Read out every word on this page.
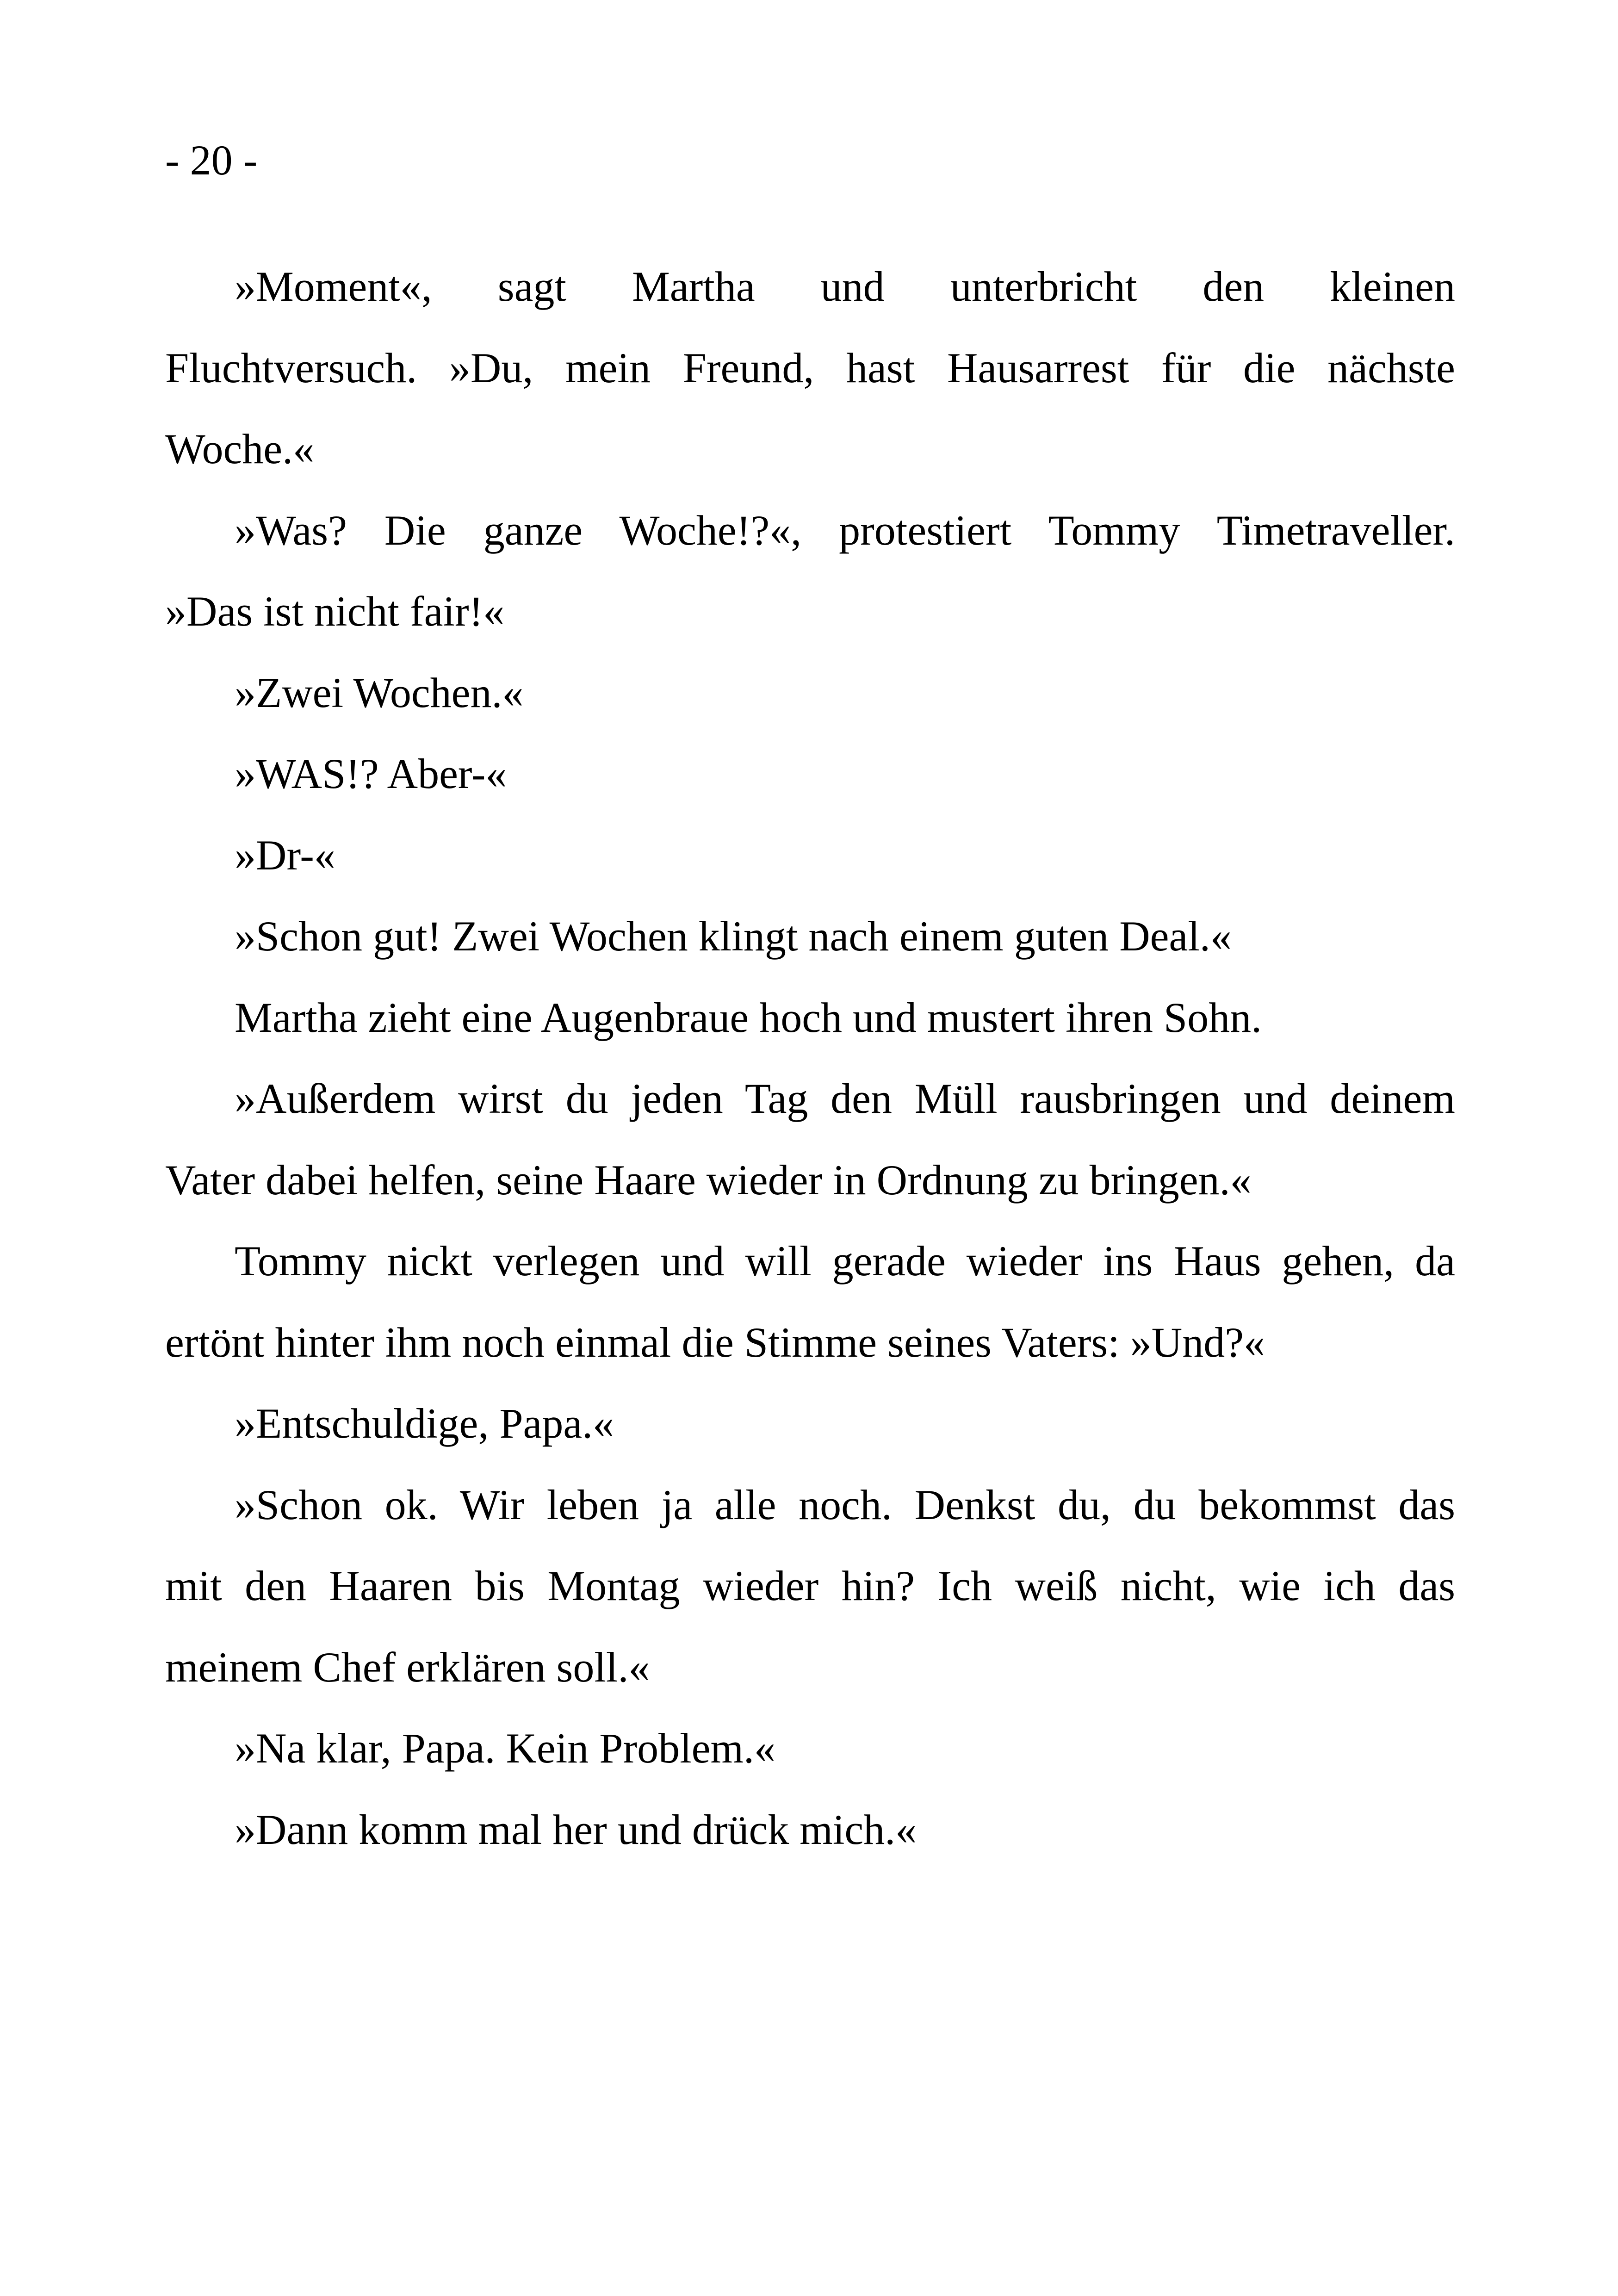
- 20 -
»Moment«, sagt Martha und unterbricht den kleinen
Fluchtversuch. »Du, mein Freund, hast Hausarrest für die nächste
Woche.«
»Was? Die ganze Woche!?«, protestiert Tommy Timetraveller.
»Das ist nicht fair!«
»Zwei Wochen.«
»WAS!? Aber-«
»Dr-«
»Schon gut! Zwei Wochen klingt nach einem guten Deal.«
Martha zieht eine Augenbraue hoch und mustert ihren Sohn.
»Außerdem wirst du jeden Tag den Müll rausbringen und deinem
Vater dabei helfen, seine Haare wieder in Ordnung zu bringen.«
Tommy nickt verlegen und will gerade wieder ins Haus gehen, da
ertönt hinter ihm noch einmal die Stimme seines Vaters: »Und?«
»Entschuldige, Papa.«
»Schon ok. Wir leben ja alle noch. Denkst du, du bekommst das
mit den Haaren bis Montag wieder hin? Ich weiß nicht, wie ich das
meinem Chef erklären soll.«
»Na klar, Papa. Kein Problem.«
»Dann komm mal her und drück mich.«
